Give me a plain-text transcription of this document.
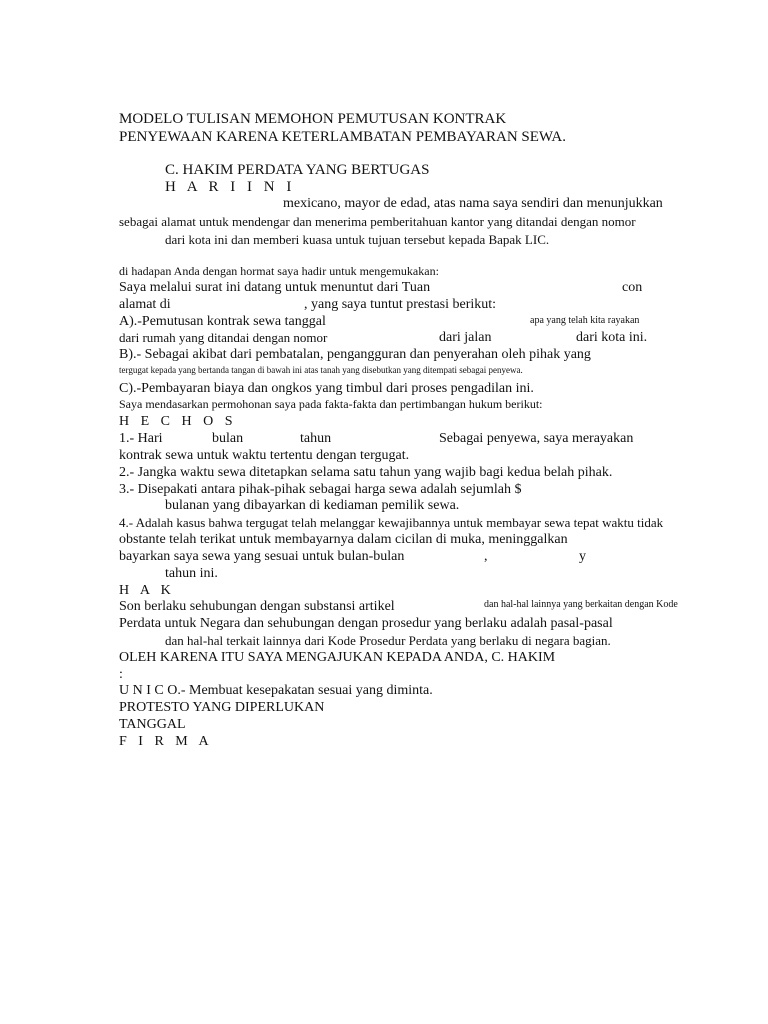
MODELO TULISAN MEMOHON PEMUTUSAN KONTRAK
PENYEWAAN KARENA KETERLAMBATAN PEMBAYARAN SEWA.
C. HAKIM PERDATA YANG BERTUGAS
H A R I I N I
mexicano, mayor de edad, atas nama saya sendiri dan menunjukkan
sebagai alamat untuk mendengar dan menerima pemberitahuan kantor yang ditandai dengan nomor
dari kota ini dan memberi kuasa untuk tujuan tersebut kepada Bapak LIC.
di hadapan Anda dengan hormat saya hadir untuk mengemukakan:
Saya melalui surat ini datang untuk menuntut dari Tuan	con
alamat di	, yang saya tuntut prestasi berikut:
A).-Pemutusan kontrak sewa tanggal	apa yang telah kita rayakan
dari rumah yang ditandai dengan nomor	dari jalan	dari kota ini.
B).- Sebagai akibat dari pembatalan, pengangguran dan penyerahan oleh pihak yang
tergugat kepada yang bertanda tangan di bawah ini atas tanah yang disebutkan yang ditempati sebagai penyewa.
C).-Pembayaran biaya dan ongkos yang timbul dari proses pengadilan ini.
Saya mendasarkan permohonan saya pada fakta-fakta dan pertimbangan hukum berikut:
H E C H O S
1.- Hari	bulan	tahun	Sebagai penyewa, saya merayakan
kontrak sewa untuk waktu tertentu dengan tergugat.
2.- Jangka waktu sewa ditetapkan selama satu tahun yang wajib bagi kedua belah pihak.
3.- Disepakati antara pihak-pihak sebagai harga sewa adalah sejumlah $
bulanan yang dibayarkan di kediaman pemilik sewa.
4.- Adalah kasus bahwa tergugat telah melanggar kewajibannya untuk membayar sewa tepat waktu tidak
obstante telah terikat untuk membayarnya dalam cicilan di muka, meninggalkan
bayarkan saya sewa yang sesuai untuk bulan-bulan	,	y
tahun ini.
H A K
Son berlaku sehubungan dengan substansi artikel	dan hal-hal lainnya yang berkaitan dengan Kode
Perdata untuk Negara dan sehubungan dengan prosedur yang berlaku adalah pasal-pasal
dan hal-hal terkait lainnya dari Kode Prosedur Perdata yang berlaku di negara bagian.
OLEH KARENA ITU SAYA MENGAJUKAN KEPADA ANDA, C. HAKIM
:
U N I C O.- Membuat kesepakatan sesuai yang diminta.
PROTESTO YANG DIPERLUKAN
TANGGAL
F I R M A
